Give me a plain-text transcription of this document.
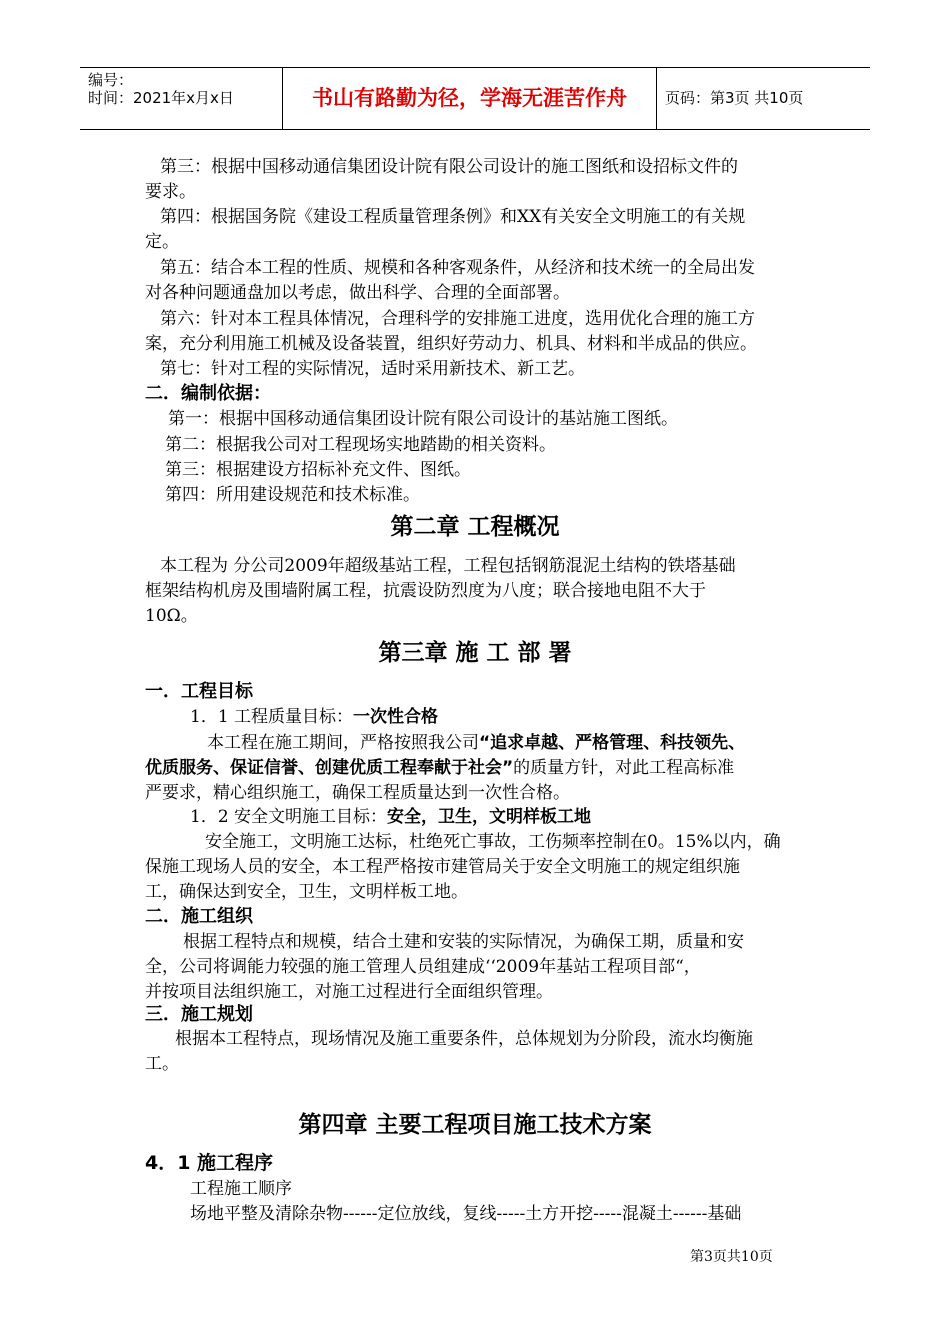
编号：
时间：2021年x月x日	书山有路勤为径，学海无涯苦作舟	页码：第3页 共10页
第三：根据中国移动通信集团设计院有限公司设计的施工图纸和设招标文件的
要求。
第四：根据国务院《建设工程质量管理条例》和XX有关安全文明施工的有关规
定。
第五：结合本工程的性质、规模和各种客观条件，从经济和技术统一的全局出发
对各种问题通盘加以考虑，做出科学、合理的全面部署。
第六：针对本工程具体情况，合理科学的安排施工进度，选用优化合理的施工方
案，充分利用施工机械及设备装置，组织好劳动力、机具、材料和半成品的供应。
第七：针对工程的实际情况，适时采用新技术、新工艺。
二．编制依据：
第一：根据中国移动通信集团设计院有限公司设计的基站施工图纸。
第二：根据我公司对工程现场实地踏勘的相关资料。
第三：根据建设方招标补充文件、图纸。
第四：所用建设规范和技术标准。
第二章 工程概况
本工程为 分公司2009年超级基站工程，工程包括钢筋混泥土结构的铁塔基础
框架结构机房及围墙附属工程，抗震设防烈度为八度；联合接地电阻不大于
10Ω。
第三章 施 工 部 署
一．工程目标
1．1 工程质量目标：一次性合格
本工程在施工期间，严格按照我公司“追求卓越、严格管理、科技领先、
优质服务、保证信誉、创建优质工程奉献于社会”的质量方针，对此工程高标准
严要求，精心组织施工，确保工程质量达到一次性合格。
1．2 安全文明施工目标：安全，卫生，文明样板工地
安全施工，文明施工达标，杜绝死亡事故，工伤频率控制在0。15%以内，确
保施工现场人员的安全，本工程严格按市建管局关于安全文明施工的规定组织施
工，确保达到安全，卫生，文明样板工地。
二．施工组织
根据工程特点和规模，结合土建和安装的实际情况，为确保工期，质量和安
全，公司将调能力较强的施工管理人员组建成‘‘2009年基站工程项目部“，
并按项目法组织施工，对施工过程进行全面组织管理。
三．施工规划
根据本工程特点，现场情况及施工重要条件，总体规划为分阶段，流水均衡施
工。
第四章 主要工程项目施工技术方案
4．1 施工程序
工程施工顺序
场地平整及清除杂物------定位放线，复线-----土方开挖-----混凝土------基础
第3页共10页
